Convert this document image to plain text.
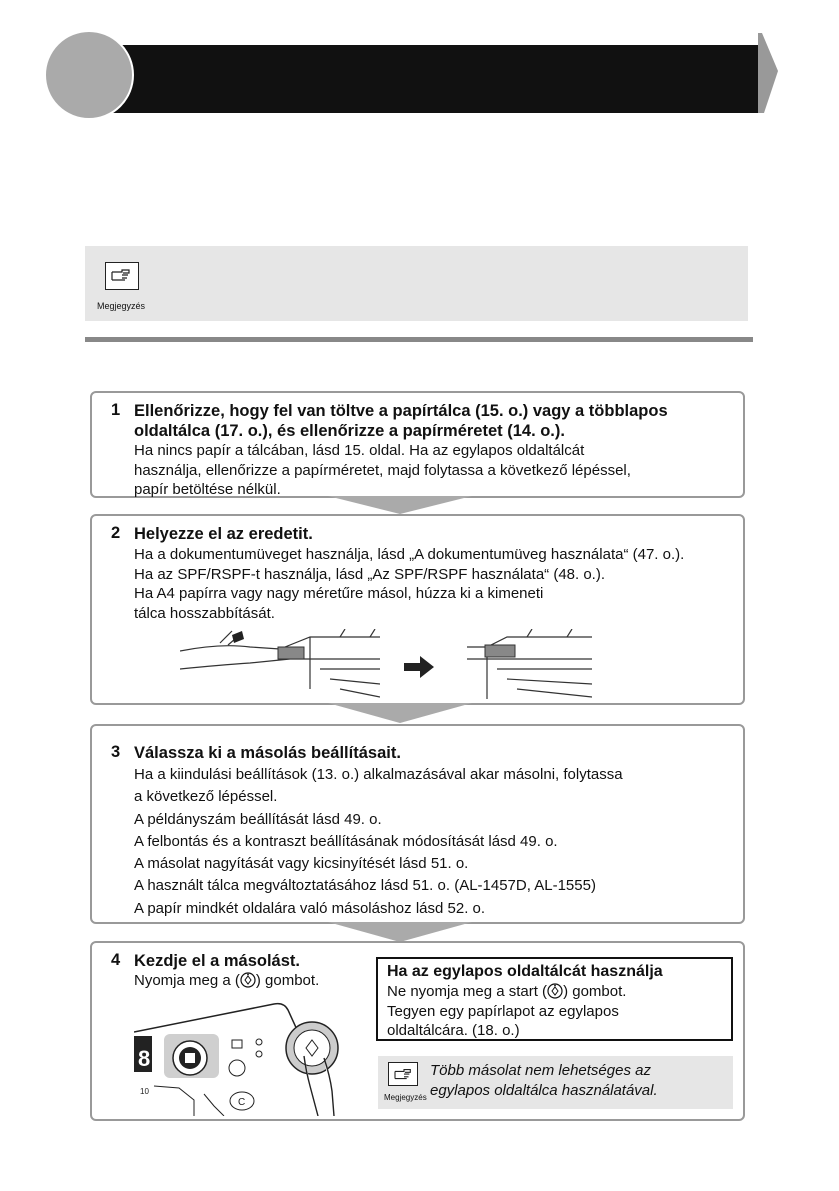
Megjegyzés
1 Ellenőrizze, hogy fel van töltve a papírtálca (15. o.) vagy a többlapos
oldaltálca (17. o.), és ellenőrizze a papírméretet (14. o.).
Ha nincs papír a tálcában, lásd 15. oldal. Ha az egylapos oldaltálcát
használja, ellenőrizze a papírméretet, majd folytassa a következő lépéssel,
papír betöltése nélkül.
2 Helyezze el az eredetit.
Ha a dokumentumüveget használja, lásd „A dokumentumüveg használata“ (47. o.).
Ha az SPF/RSPF-t használja, lásd „Az SPF/RSPF használata“ (48. o.).
Ha A4 papírra vagy nagy méretűre másol, húzza ki a kimeneti
tálca hosszabbítását.
3 Válassza ki a másolás beállításait.
Ha a kiindulási beállítások (13. o.) alkalmazásával akar másolni, folytassa
a következő lépéssel.
A példányszám beállítását lásd 49. o.
A felbontás és a kontraszt beállításának módosítását lásd 49. o.
A másolat nagyítását vagy kicsinyítését lásd 51. o.
A használt tálca megváltoztatásához lásd 51. o. (AL-1457D, AL-1555)
A papír mindkét oldalára való másoláshoz lásd 52. o.
4 Kezdje el a másolást.
Nyomja meg a ( ) gombot.
8
10
C
Ha az egylapos oldaltálcát használja
Ne nyomja meg a start ( ) gombot.
Tegyen egy papírlapot az egylapos
oldaltálcára. (18. o.)
Megjegyzés
Több másolat nem lehetséges az
egylapos oldaltálca használatával.
